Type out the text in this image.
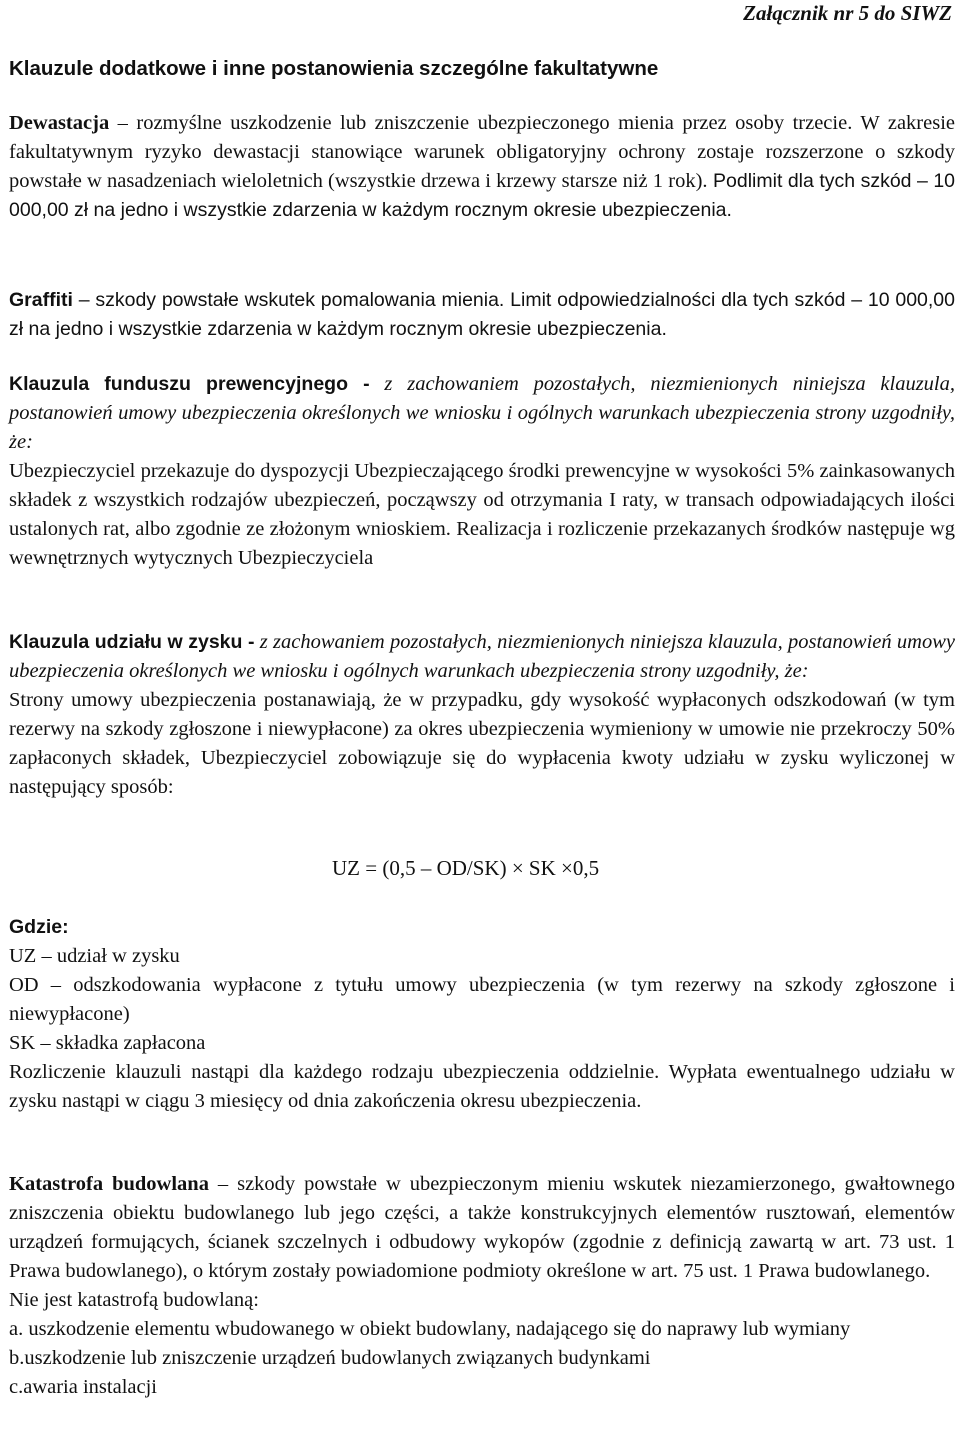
Załącznik nr 5 do SIWZ
Klauzule dodatkowe i inne postanowienia szczególne fakultatywne
Dewastacja – rozmyślne uszkodzenie lub zniszczenie ubezpieczonego mienia przez osoby trzecie. W zakresie fakultatywnym ryzyko dewastacji stanowiące warunek obligatoryjny ochrony zostaje rozszerzone o szkody powstałe w nasadzeniach wieloletnich (wszystkie drzewa i krzewy starsze niż 1 rok). Podlimit dla tych szkód – 10 000,00 zł na jedno i wszystkie zdarzenia w każdym rocznym okresie ubezpieczenia.
Graffiti – szkody powstałe wskutek pomalowania mienia. Limit odpowiedzialności dla tych szkód – 10 000,00 zł na jedno i wszystkie zdarzenia w każdym rocznym okresie ubezpieczenia.
Klauzula funduszu prewencyjnego - z zachowaniem pozostałych, niezmienionych niniejsza klauzula, postanowień umowy ubezpieczenia określonych we wniosku i ogólnych warunkach ubezpieczenia strony uzgodniły, że:
Ubezpieczyciel przekazuje do dyspozycji Ubezpieczającego środki prewencyjne w wysokości 5% zainkasowanych składek z wszystkich rodzajów ubezpieczeń, począwszy od otrzymania I raty, w transach odpowiadających ilości ustalonych rat, albo zgodnie ze złożonym wnioskiem. Realizacja i rozliczenie przekazanych środków następuje wg wewnętrznych wytycznych Ubezpieczyciela
Klauzula udziału w zysku - z zachowaniem pozostałych, niezmienionych niniejsza klauzula, postanowień umowy ubezpieczenia określonych we wniosku i ogólnych warunkach ubezpieczenia strony uzgodniły, że:
Strony umowy ubezpieczenia postanawiają, że w przypadku, gdy wysokość wypłaconych odszkodowań (w tym rezerwy na szkody zgłoszone i niewypłacone) za okres ubezpieczenia wymieniony w umowie nie przekroczy 50% zapłaconych składek, Ubezpieczyciel zobowiązuje się do wypłacenia kwoty udziału w zysku wyliczonej w następujący sposób:
UZ = (0,5 – OD/SK) × SK ×0,5
Gdzie:
UZ – udział w zysku
OD – odszkodowania wypłacone z tytułu umowy ubezpieczenia (w tym rezerwy na szkody zgłoszone i niewypłacone)
SK – składka zapłacona
Rozliczenie klauzuli nastąpi dla każdego rodzaju ubezpieczenia oddzielnie. Wypłata ewentualnego udziału w zysku nastąpi w ciągu 3 miesięcy od dnia zakończenia okresu ubezpieczenia.
Katastrofa budowlana – szkody powstałe w ubezpieczonym mieniu wskutek niezamierzonego, gwałtownego zniszczenia obiektu budowlanego lub jego części, a także konstrukcyjnych elementów rusztowań, elementów urządzeń formujących, ścianek szczelnych i odbudowy wykopów (zgodnie z definicją zawartą w art. 73 ust. 1 Prawa budowlanego), o którym zostały powiadomione podmioty określone w art. 75 ust. 1 Prawa budowlanego.
Nie jest katastrofą budowlaną:
a. uszkodzenie elementu wbudowanego w obiekt budowlany, nadającego się do naprawy lub wymiany
b.uszkodzenie lub zniszczenie urządzeń budowlanych związanych budynkami
c.awaria instalacji
